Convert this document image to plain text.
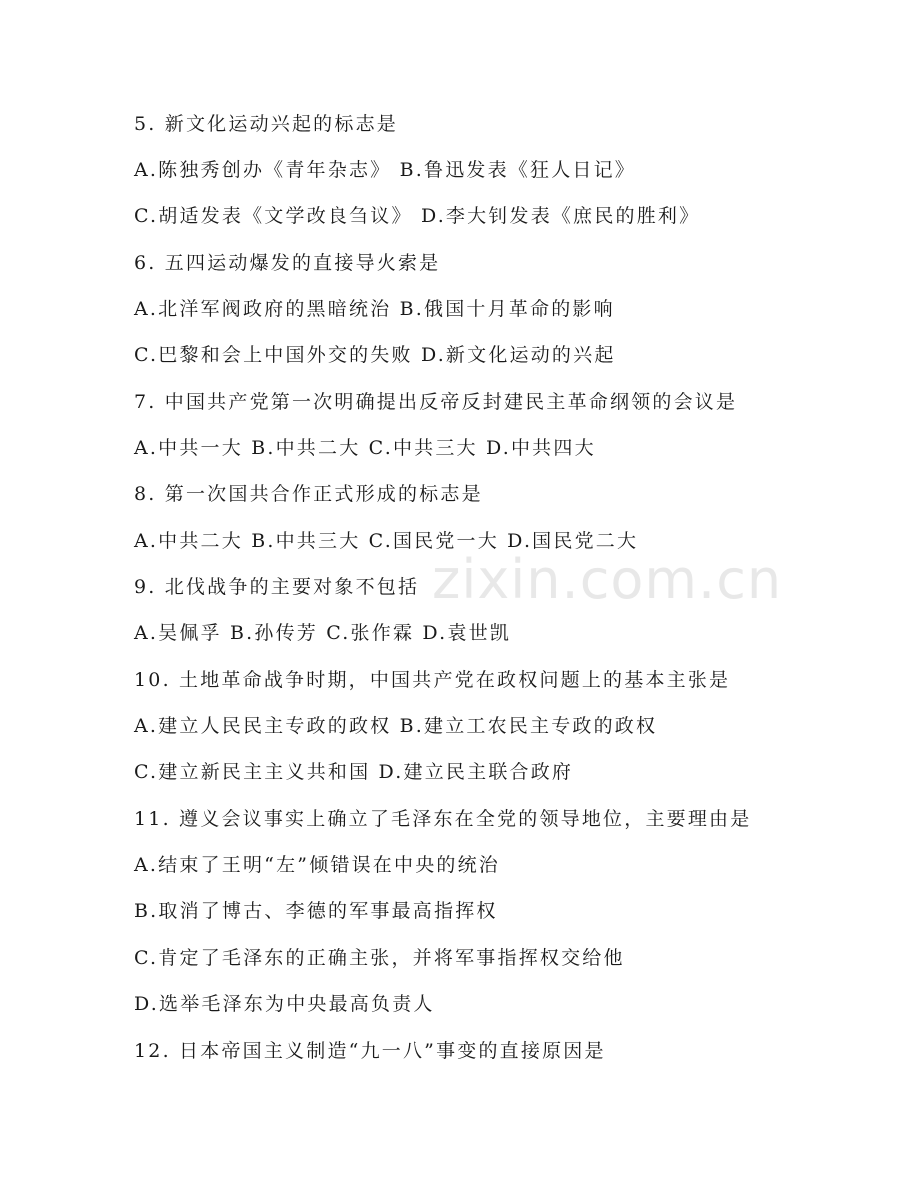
zixin.com.cn
5. 新文化运动兴起的标志是
A.陈独秀创办《青年杂志》 B.鲁迅发表《狂人日记》
C.胡适发表《文学改良刍议》 D.李大钊发表《庶民的胜利》
6. 五四运动爆发的直接导火索是
A.北洋军阀政府的黑暗统治 B.俄国十月革命的影响
C.巴黎和会上中国外交的失败 D.新文化运动的兴起
7. 中国共产党第一次明确提出反帝反封建民主革命纲领的会议是
A.中共一大 B.中共二大 C.中共三大 D.中共四大
8. 第一次国共合作正式形成的标志是
A.中共二大 B.中共三大 C.国民党一大 D.国民党二大
9. 北伐战争的主要对象不包括
A.吴佩孚 B.孙传芳 C.张作霖 D.袁世凯
10. 土地革命战争时期，中国共产党在政权问题上的基本主张是
A.建立人民民主专政的政权 B.建立工农民主专政的政权
C.建立新民主主义共和国 D.建立民主联合政府
11. 遵义会议事实上确立了毛泽东在全党的领导地位，主要理由是
A.结束了王明“左”倾错误在中央的统治
B.取消了博古、李德的军事最高指挥权
C.肯定了毛泽东的正确主张，并将军事指挥权交给他
D.选举毛泽东为中央最高负责人
12. 日本帝国主义制造“九一八”事变的直接原因是
